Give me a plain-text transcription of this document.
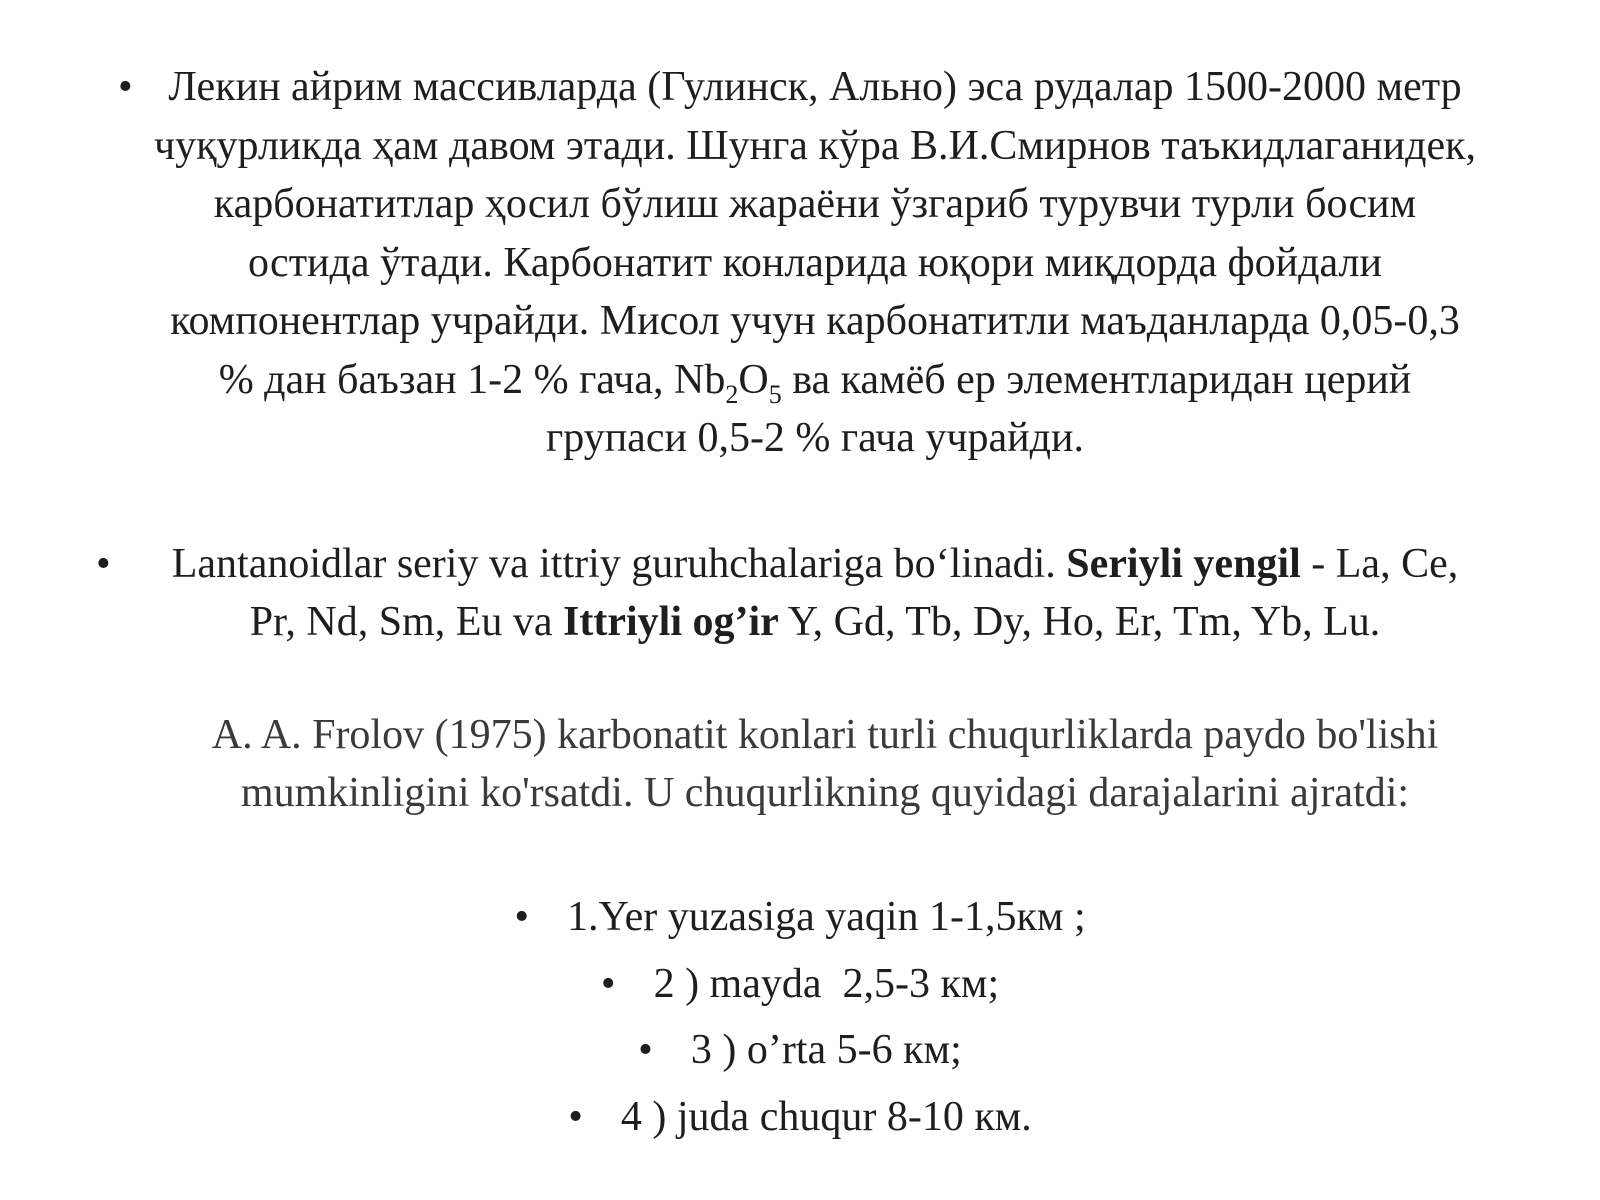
• Лекин айрим массивларда (Гулинск, Ально) эса рудалар 1500-2000 метр чуқурликда ҳам давом этади. Шунга кўра В.И.Смирнов таъкидлаганидек, карбонатитлар ҳосил бўлиш жараёни ўзгариб турувчи турли босим остида ўтади. Карбонатит конларида юқори миқдорда фойдали компонентлар учрайди. Мисол учун карбонатитли маъданларда 0,05-0,3 % дан баъзан 1-2 % гача, $Nb_2O_5$ ва камёб ер элементларидан церий групаси 0,5-2 % гача учрайди.
•	Lantanoidlar seriy va ittriy guruhchalariga bo‘linadi. Seriyli yengil - La, Ce, Pr, Nd, Sm, Eu va Ittriyli og’ir Y, Gd, Tb, Dy, Ho, Er, Tm, Yb, Lu.
A. A. Frolov (1975) karbonatit konlari turli chuqurliklarda paydo bo'lishi mumkinligini ko'rsatdi. U chuqurlikning quyidagi darajalarini ajratdi:
• 1.Yer yuzasiga yaqin 1-1,5км ;
• 2 ) mayda  2,5-3 км;
• 3 ) o’rta 5-6 км;
• 4 ) juda chuqur 8-10 км.
